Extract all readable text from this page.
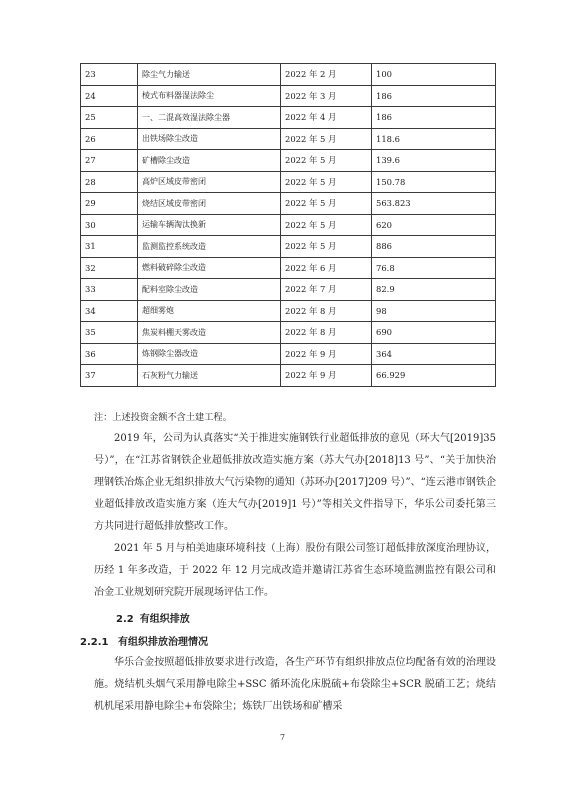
23	除尘气力输送	2022 年 2 月	100
24	棱式布料器湿法除尘	2022 年 3 月	186
25	一、二混高效湿法除尘器	2022 年 4 月	186
26	出铁场除尘改造	2022 年 5 月	118.6
27	矿槽除尘改造	2022 年 5 月	139.6
28	高炉区域皮带密闭	2022 年 5 月	150.78
29	烧结区域皮带密闭	2022 年 5 月	563.823
30	运输车辆淘汰换新	2022 年 5 月	620
31	监测监控系统改造	2022 年 5 月	886
32	燃料破碎除尘改造	2022 年 6 月	76.8
33	配料室除尘改造	2022 年 7 月	82.9
34	超细雾炮	2022 年 8 月	98
35	焦炭料棚天雾改造	2022 年 8 月	690
36	炼钢除尘器改造	2022 年 9 月	364
37	石灰粉气力输送	2022 年 9 月	66.929
注：上述投资金额不含土建工程。

2019 年，公司为认真落实“关于推进实施钢铁行业超低排放的意见（环大气[2019]35 号）”，在“江苏省钢铁企业超低排放改造实施方案（苏大气办[2018]13 号”、“关于加快治理钢铁冶炼企业无组织排放大气污染物的通知（苏环办[2017]209 号）”、“连云港市钢铁企业超低排放改造实施方案（连大气办[2019]1 号）”等相关文件指导下，华乐公司委托第三方共同进行超低排放整改工作。

2021 年 5 月与柏美迪康环境科技（上海）股份有限公司签订超低排放深度治理协议，历经 1 年多改造，于 2022 年 12 月完成改造并邀请江苏省生态环境监测监控有限公司和冶金工业规划研究院开展现场评估工作。

2.2 有组织排放
2.2.1 有组织排放治理情况

华乐合金按照超低排放要求进行改造，各生产环节有组织排放点位均配备有效的治理设施。烧结机头烟气采用静电除尘+SSC 循环流化床脱硫+布袋除尘+SCR 脱硝工艺；烧结机机尾采用静电除尘+布袋除尘；炼铁厂出铁场和矿槽采

7
